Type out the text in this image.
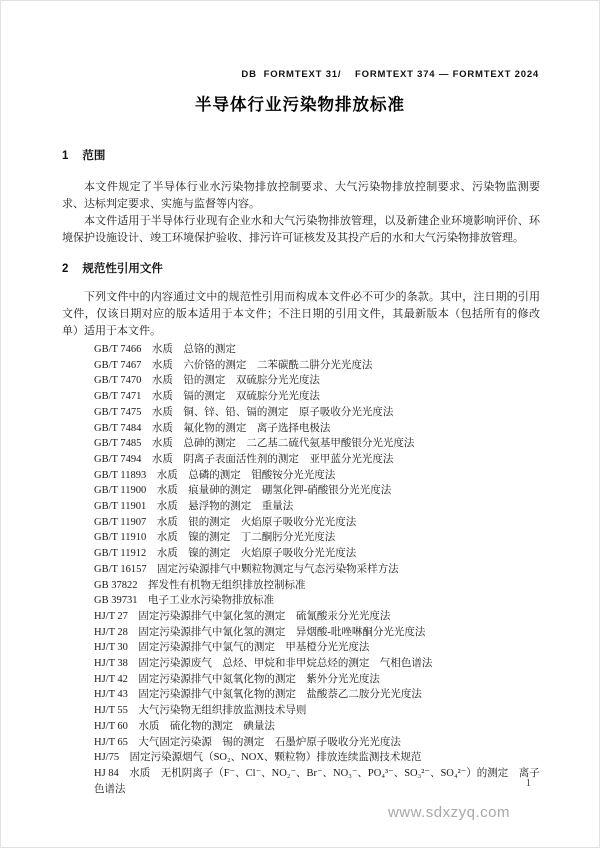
DB  FORMTEXT 31/    FORMTEXT 374 — FORMTEXT 2024
半导体行业污染物排放标准
1 范围

本文件规定了半导体行业水污染物排放控制要求、大气污染物排放控制要求、污染物监测要求、达标判定要求、实施与监督等内容。

本文件适用于半导体行业现有企业水和大气污染物排放管理，以及新建企业环境影响评价、环境保护设施设计、竣工环境保护验收、排污许可证核发及其投产后的水和大气污染物排放管理。

2 规范性引用文件

下列文件中的内容通过文中的规范性引用而构成本文件必不可少的条款。其中，注日期的引用文件，仅该日期对应的版本适用于本文件；不注日期的引用文件，其最新版本（包括所有的修改单）适用于本文件。

GB/T 7466　水质　总铬的测定
GB/T 7467　水质　六价铬的测定　二苯碳酰二肼分光光度法
GB/T 7470　水质　铅的测定　双硫腙分光光度法
GB/T 7471　水质　镉的测定　双硫腙分光光度法
GB/T 7475　水质　铜、锌、铅、镉的测定　原子吸收分光光度法
GB/T 7484　水质　氟化物的测定　离子选择电极法
GB/T 7485　水质　总砷的测定　二乙基二硫代氨基甲酸银分光光度法
GB/T 7494　水质　阴离子表面活性剂的测定　亚甲蓝分光光度法
GB/T 11893　水质　总磷的测定　钼酸铵分光光度法
GB/T 11900　水质　痕量砷的测定　硼氢化钾-硝酸银分光光度法
GB/T 11901　水质　悬浮物的测定　重量法
GB/T 11907　水质　银的测定　火焰原子吸收分光光度法
GB/T 11910　水质　镍的测定　丁二酮肟分光光度法
GB/T 11912　水质　镍的测定　火焰原子吸收分光光度法
GB/T 16157　固定污染源排气中颗粒物测定与气态污染物采样方法
GB 37822　挥发性有机物无组织排放控制标准
GB 39731　电子工业水污染物排放标准
HJ/T 27　固定污染源排气中氯化氢的测定　硫氰酸汞分光光度法
HJ/T 28　固定污染源排气中氰化氢的测定　异烟酸-吡唑啉酮分光光度法
HJ/T 30　固定污染源排气中氯气的测定　甲基橙分光光度法
HJ/T 38　固定污染源废气　总烃、甲烷和非甲烷总烃的测定　气相色谱法
HJ/T 42　固定污染源排气中氮氧化物的测定　紫外分光光度法
HJ/T 43　固定污染源排气中氮氧化物的测定　盐酸萘乙二胺分光光度法
HJ/T 55　大气污染物无组织排放监测技术导则
HJ/T 60　水质　硫化物的测定　碘量法
HJ/T 65　大气固定污染源　锡的测定　石墨炉原子吸收分光光度法
HJ/75　固定污染源烟气（SO₂、NOX、颗粒物）排放连续监测技术规范
HJ 84　水质　无机阴离子（F⁻、Cl⁻、NO₂⁻、Br⁻、NO₃⁻、PO₄³⁻、SO₃²⁻、SO₄²⁻）的测定　离子色谱法
1
www.sdxzyq.com
